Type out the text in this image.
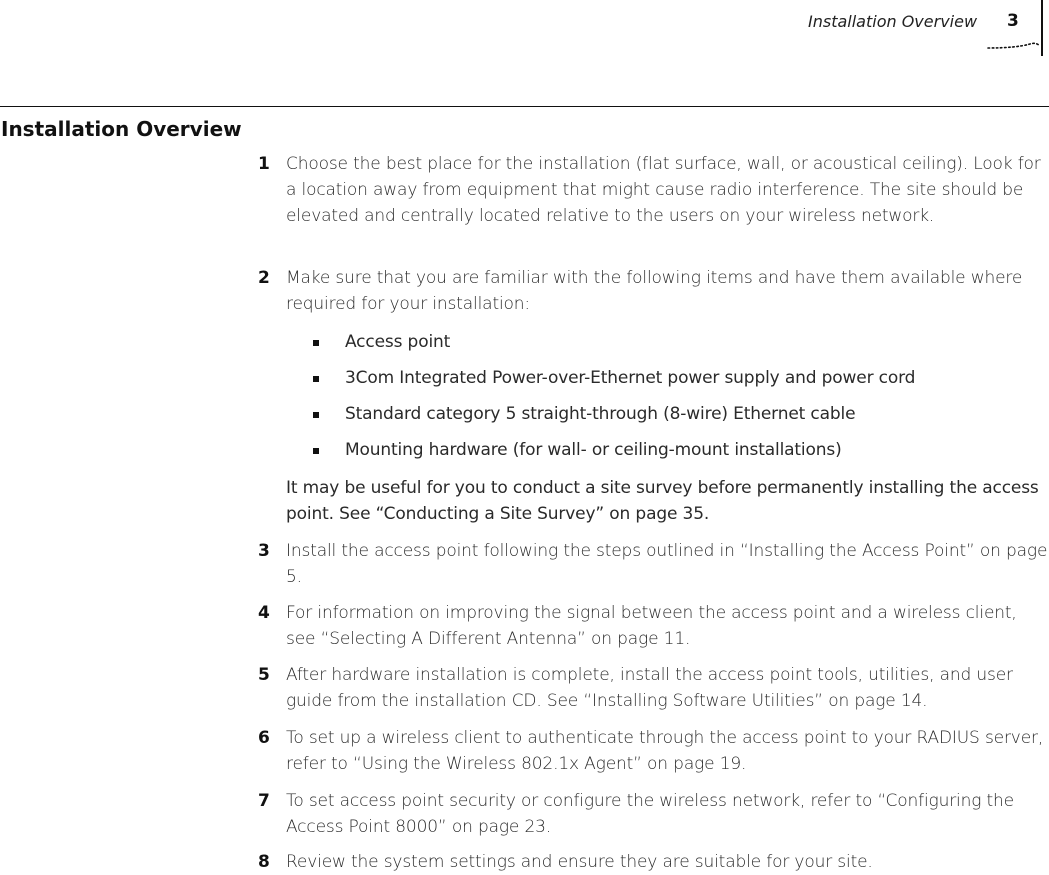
Installation Overview 3
Installation Overview
1 Choose the best place for the installation (flat surface, wall, or acoustical ceiling). Look for a location away from equipment that might cause radio interference. The site should be elevated and centrally located relative to the users on your wireless network.
2 Make sure that you are familiar with the following items and have them available where required for your installation:
Access point
3Com Integrated Power-over-Ethernet power supply and power cord
Standard category 5 straight-through (8-wire) Ethernet cable
Mounting hardware (for wall- or ceiling-mount installations)
It may be useful for you to conduct a site survey before permanently installing the access point. See “Conducting a Site Survey” on page 35.
3 Install the access point following the steps outlined in “Installing the Access Point” on page 5.
4 For information on improving the signal between the access point and a wireless client, see “Selecting A Different Antenna” on page 11.
5 After hardware installation is complete, install the access point tools, utilities, and user guide from the installation CD. See “Installing Software Utilities” on page 14.
6 To set up a wireless client to authenticate through the access point to your RADIUS server, refer to “Using the Wireless 802.1x Agent” on page 19.
7 To set access point security or configure the wireless network, refer to “Configuring the Access Point 8000” on page 23.
8 Review the system settings and ensure they are suitable for your site.
